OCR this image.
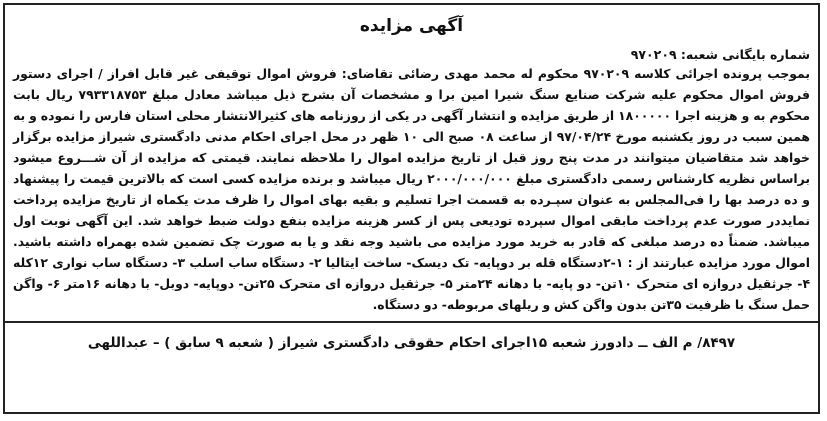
آگهی مزایده
شماره بایگانی شعبه: ۹۷۰۲۰۹
بموجب پرونده اجرائی کلاسه ۹۷۰۲۰۹ محکوم له محمد مهدی رضائی تقاضای: فروش اموال توقیفی غیر قابل افراز / اجرای دستور فروش اموال محکوم علیه شرکت صنایع سنگ شیرا امین برا و مشخصات آن بشرح ذیل میباشد معادل مبلغ ۷۹۳۳۱۸۷۵۳ ریال بابت محکوم به و هزینه اجرا ۱۸۰۰۰۰۰ از طریق مزایده و انتشار آگهی در یکی از روزنامه های کثیرالانتشار محلی استان فارس را نموده و به همین سبب در روز یکشنبه مورخ ۹۷/۰۴/۲۴ از ساعت ۰۸ صبح الی ۱۰ ظهر در محل اجرای احکام مدنی دادگستری شیراز مزایده برگزار خواهد شد متقاضیان میتوانند در مدت پنج روز قبل از تاریخ مزایده اموال را ملاحظه نمایند. قیمتی که مزایده از آن شـــروع میشود براساس نظریه کارشناس رسمی دادگستری مبلغ ۲۰۰۰/۰۰۰/۰۰۰ ریال میباشد و برنده مزایده کسی است که بالاترین قیمت را پیشنهاد و ده درصد بها را فی‌المجلس به عنوان سپـرده به قسمت اجرا تسلیم و بقیه بهای اموال را ظرف مدت یکماه از تاریخ مزایده پرداخت نمایددر صورت عدم پرداخت مابقی اموال سپرده تودیعی پس از کسر هزینه مزایده بنفع دولت ضبط خواهد شد. این آگهی نوبت اول میباشد. ضمناً ده درصد مبلغی که قادر به خرید مورد مزایده می باشید وجه نقد و یا به صورت چک تضمین شده بهمراه داشته باشید. اموال مورد مزایده عبارتند از : ۱-۲دستگاه قله بر دوپایه- تک دیسک- ساخت ایتالیا ۲- دستگاه ساب اسلب ۳- دستگاه ساب نواری ۱۲کله ۴- جرثقیل دروازه ای متحرک ۱۰تن- دو پایه- با دهانه ۲۴متر ۵- جرثقیل دروازه ای متحرک ۲۵تن- دوپایه- دوبل- با دهانه ۱۶متر ۶- واگن حمل سنگ با ظرفیت ۳۵تن بدون واگن کش و ریلهای مربوطه- دو دستگاه.
۸۴۹۷/ م الف ــ دادورز شعبه ۱۵اجرای احکام حقوقی دادگستری شیراز ( شعبه ۹ سابق ) – عبداللهی
